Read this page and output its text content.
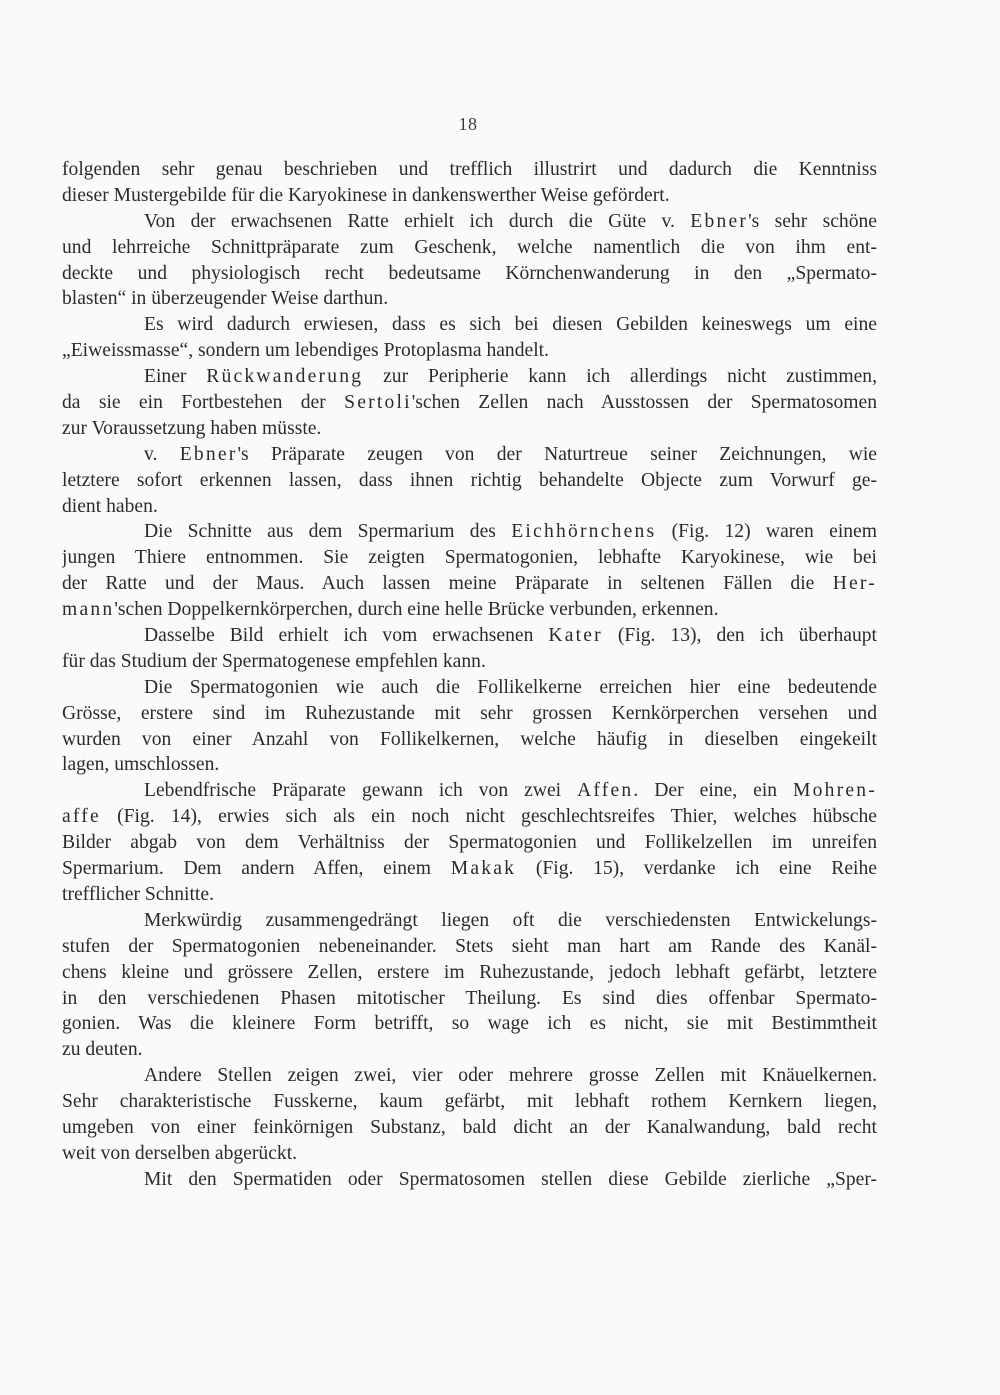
18
folgenden sehr genau beschrieben und trefflich illustrirt und dadurch die Kenntniss
dieser Mustergebilde für die Karyokinese in dankenswerther Weise gefördert.
Von der erwachsenen Ratte erhielt ich durch die Güte v. Ebner's sehr schöne
und lehrreiche Schnittpräparate zum Geschenk, welche namentlich die von ihm ent-
deckte und physiologisch recht bedeutsame Körnchenwanderung in den „Spermato-
blasten“ in überzeugender Weise darthun.
Es wird dadurch erwiesen, dass es sich bei diesen Gebilden keineswegs um eine
„Eiweissmasse“, sondern um lebendiges Protoplasma handelt.
Einer Rückwanderung zur Peripherie kann ich allerdings nicht zustimmen,
da sie ein Fortbestehen der Sertoli'schen Zellen nach Ausstossen der Spermatosomen
zur Voraussetzung haben müsste.
v. Ebner's Präparate zeugen von der Naturtreue seiner Zeichnungen, wie
letztere sofort erkennen lassen, dass ihnen richtig behandelte Objecte zum Vorwurf ge-
dient haben.
Die Schnitte aus dem Spermarium des Eichhörnchens (Fig. 12) waren einem
jungen Thiere entnommen. Sie zeigten Spermatogonien, lebhafte Karyokinese, wie bei
der Ratte und der Maus. Auch lassen meine Präparate in seltenen Fällen die Her-
mann'schen Doppelkernkörperchen, durch eine helle Brücke verbunden, erkennen.
Dasselbe Bild erhielt ich vom erwachsenen Kater (Fig. 13), den ich überhaupt
für das Studium der Spermatogenese empfehlen kann.
Die Spermatogonien wie auch die Follikelkerne erreichen hier eine bedeutende
Grösse, erstere sind im Ruhezustande mit sehr grossen Kernkörperchen versehen und
wurden von einer Anzahl von Follikelkernen, welche häufig in dieselben eingekeilt
lagen, umschlossen.
Lebendfrische Präparate gewann ich von zwei Affen. Der eine, ein Mohren-
affe (Fig. 14), erwies sich als ein noch nicht geschlechtsreifes Thier, welches hübsche
Bilder abgab von dem Verhältniss der Spermatogonien und Follikelzellen im unreifen
Spermarium. Dem andern Affen, einem Makak (Fig. 15), verdanke ich eine Reihe
trefflicher Schnitte.
Merkwürdig zusammengedrängt liegen oft die verschiedensten Entwickelungs-
stufen der Spermatogonien nebeneinander. Stets sieht man hart am Rande des Kanäl-
chens kleine und grössere Zellen, erstere im Ruhezustande, jedoch lebhaft gefärbt, letztere
in den verschiedenen Phasen mitotischer Theilung. Es sind dies offenbar Spermato-
gonien. Was die kleinere Form betrifft, so wage ich es nicht, sie mit Bestimmtheit
zu deuten.
Andere Stellen zeigen zwei, vier oder mehrere grosse Zellen mit Knäuelkernen.
Sehr charakteristische Fusskerne, kaum gefärbt, mit lebhaft rothem Kernkern liegen,
umgeben von einer feinkörnigen Substanz, bald dicht an der Kanalwandung, bald recht
weit von derselben abgerückt.
Mit den Spermatiden oder Spermatosomen stellen diese Gebilde zierliche „Sper-
